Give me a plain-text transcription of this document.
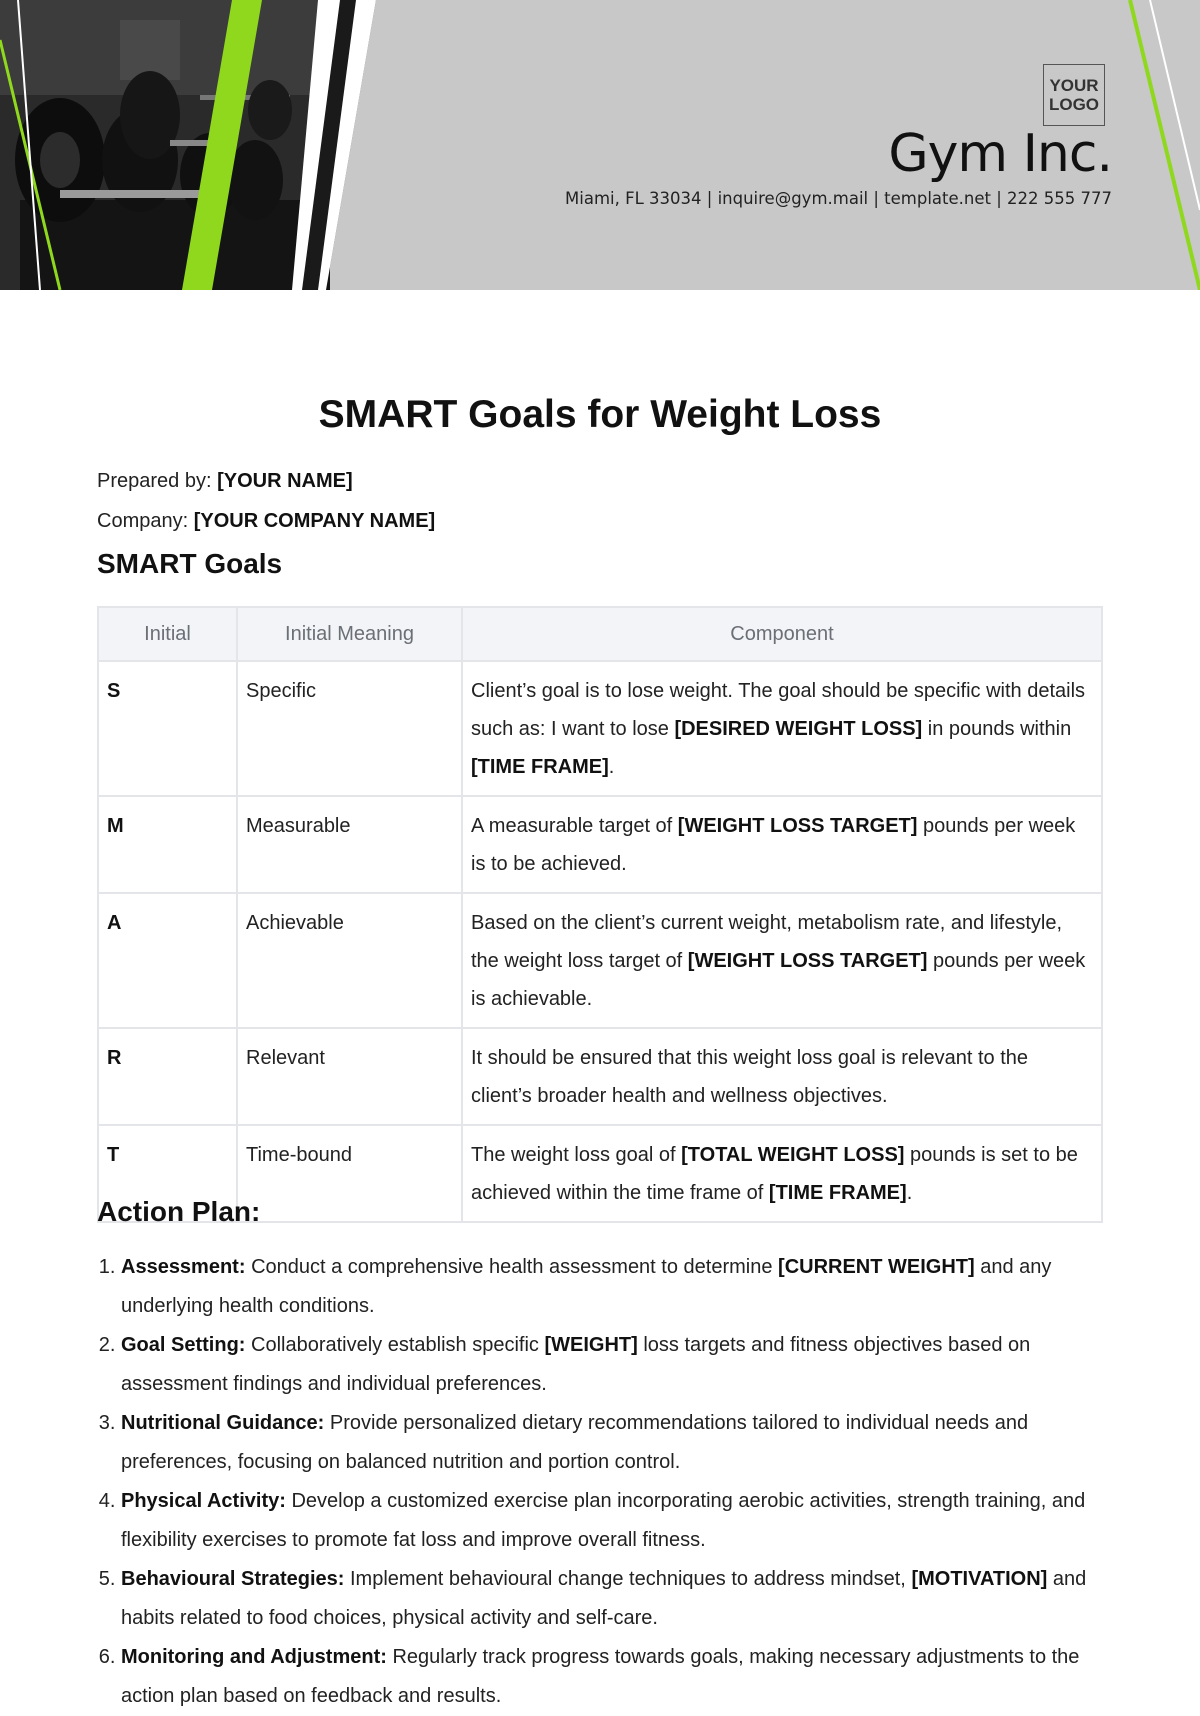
YOUR LOGO
Gym Inc.
Miami, FL 33034 | inquire@gym.mail | template.net | 222 555 777
SMART Goals for Weight Loss
Prepared by: [YOUR NAME]
Company: [YOUR COMPANY NAME]
SMART Goals
Initial	Initial Meaning	Component
S	Specific	Client’s goal is to lose weight. The goal should be specific with details such as: I want to lose [DESIRED WEIGHT LOSS] in pounds within [TIME FRAME].
M	Measurable	A measurable target of [WEIGHT LOSS TARGET] pounds per week is to be achieved.
A	Achievable	Based on the client’s current weight, metabolism rate, and lifestyle, the weight loss target of [WEIGHT LOSS TARGET] pounds per week is achievable.
R	Relevant	It should be ensured that this weight loss goal is relevant to the client’s broader health and wellness objectives.
T	Time-bound	The weight loss goal of [TOTAL WEIGHT LOSS] pounds is set to be achieved within the time frame of [TIME FRAME].
Action Plan:
1. Assessment: Conduct a comprehensive health assessment to determine [CURRENT WEIGHT] and any underlying health conditions.
2. Goal Setting: Collaboratively establish specific [WEIGHT] loss targets and fitness objectives based on assessment findings and individual preferences.
3. Nutritional Guidance: Provide personalized dietary recommendations tailored to individual needs and preferences, focusing on balanced nutrition and portion control.
4. Physical Activity: Develop a customized exercise plan incorporating aerobic activities, strength training, and flexibility exercises to promote fat loss and improve overall fitness.
5. Behavioural Strategies: Implement behavioural change techniques to address mindset, [MOTIVATION] and habits related to food choices, physical activity and self-care.
6. Monitoring and Adjustment: Regularly track progress towards goals, making necessary adjustments to the action plan based on feedback and results.
